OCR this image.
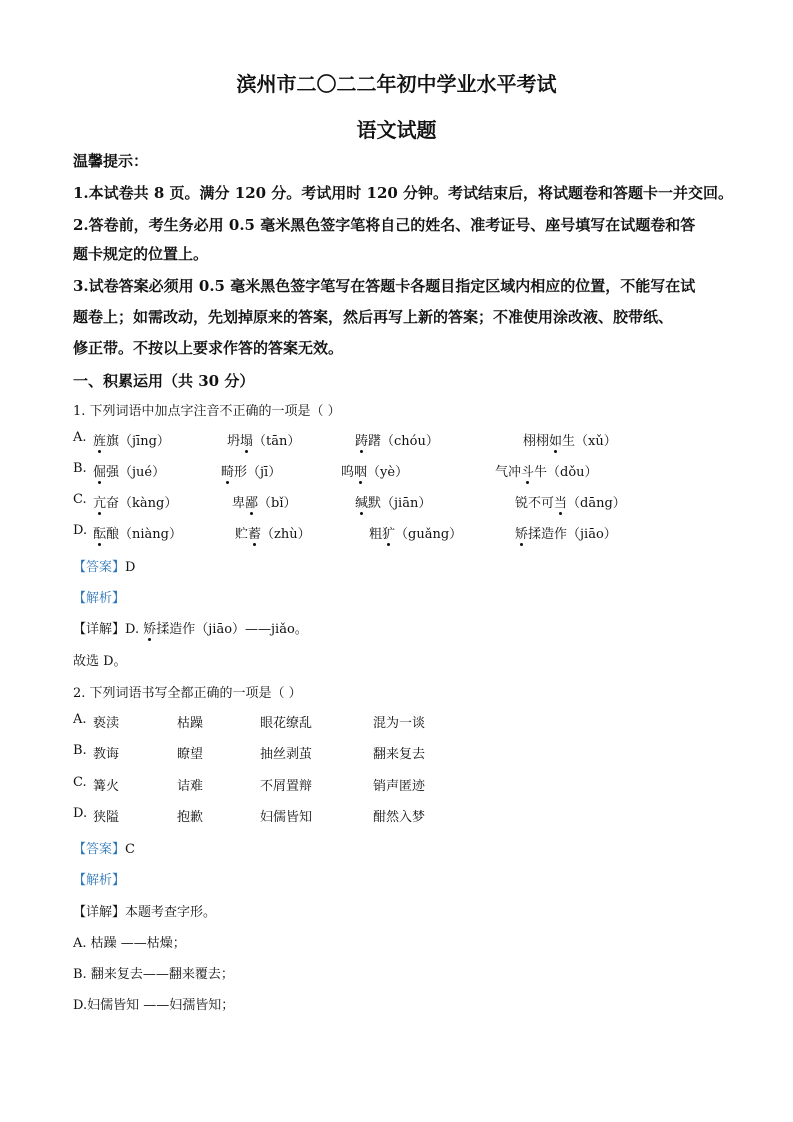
滨州市二〇二二年初中学业水平考试
语文试题
温馨提示：
1.本试卷共 8 页。满分 120 分。考试用时 120 分钟。考试结束后，将试题卷和答题卡一并交回。
2.答卷前，考生务必用 0.5 毫米黑色签字笔将自己的姓名、准考证号、座号填写在试题卷和答
题卡规定的位置上。
3.试卷答案必须用 0.5 毫米黑色签字笔写在答题卡各题目指定区域内相应的位置，不能写在试
题卷上；如需改动，先划掉原来的答案，然后再写上新的答案；不准使用涂改液、胶带纸、
修正带。不按以上要求作答的答案无效。
一、积累运用（共 30 分）
1. 下列词语中加点字注音不正确的一项是（ ）
A. 旌旗（jīng）	坍塌（tān）	踌躇（chóu）	栩栩如生（xǔ）
B. 倔强（jué）	畸形（jī）	呜咽（yè）	气冲斗牛（dǒu）
C. 亢奋（kàng）	卑鄙（bǐ）	缄默（jiān）	锐不可当（dāng）
D. 酝酿（niàng）	贮蓄（zhù）	粗犷（guǎng）	矫揉造作（jiāo）
【答案】D
【解析】
【详解】D. 矫揉造作（jiāo）——jiǎo。
故选 D。
2. 下列词语书写全都正确的一项是（ ）
A. 亵渎	枯躁	眼花缭乱	混为一谈
B. 教诲	瞭望	抽丝剥茧	翻来复去
C. 篝火	诘难	不屑置辩	销声匿迹
D. 狭隘	抱歉	妇儒皆知	酣然入梦
【答案】C
【解析】
【详解】本题考查字形。
A. 枯躁 ——枯燥；
B. 翻来复去——翻来覆去；
D.妇儒皆知 ——妇孺皆知；
